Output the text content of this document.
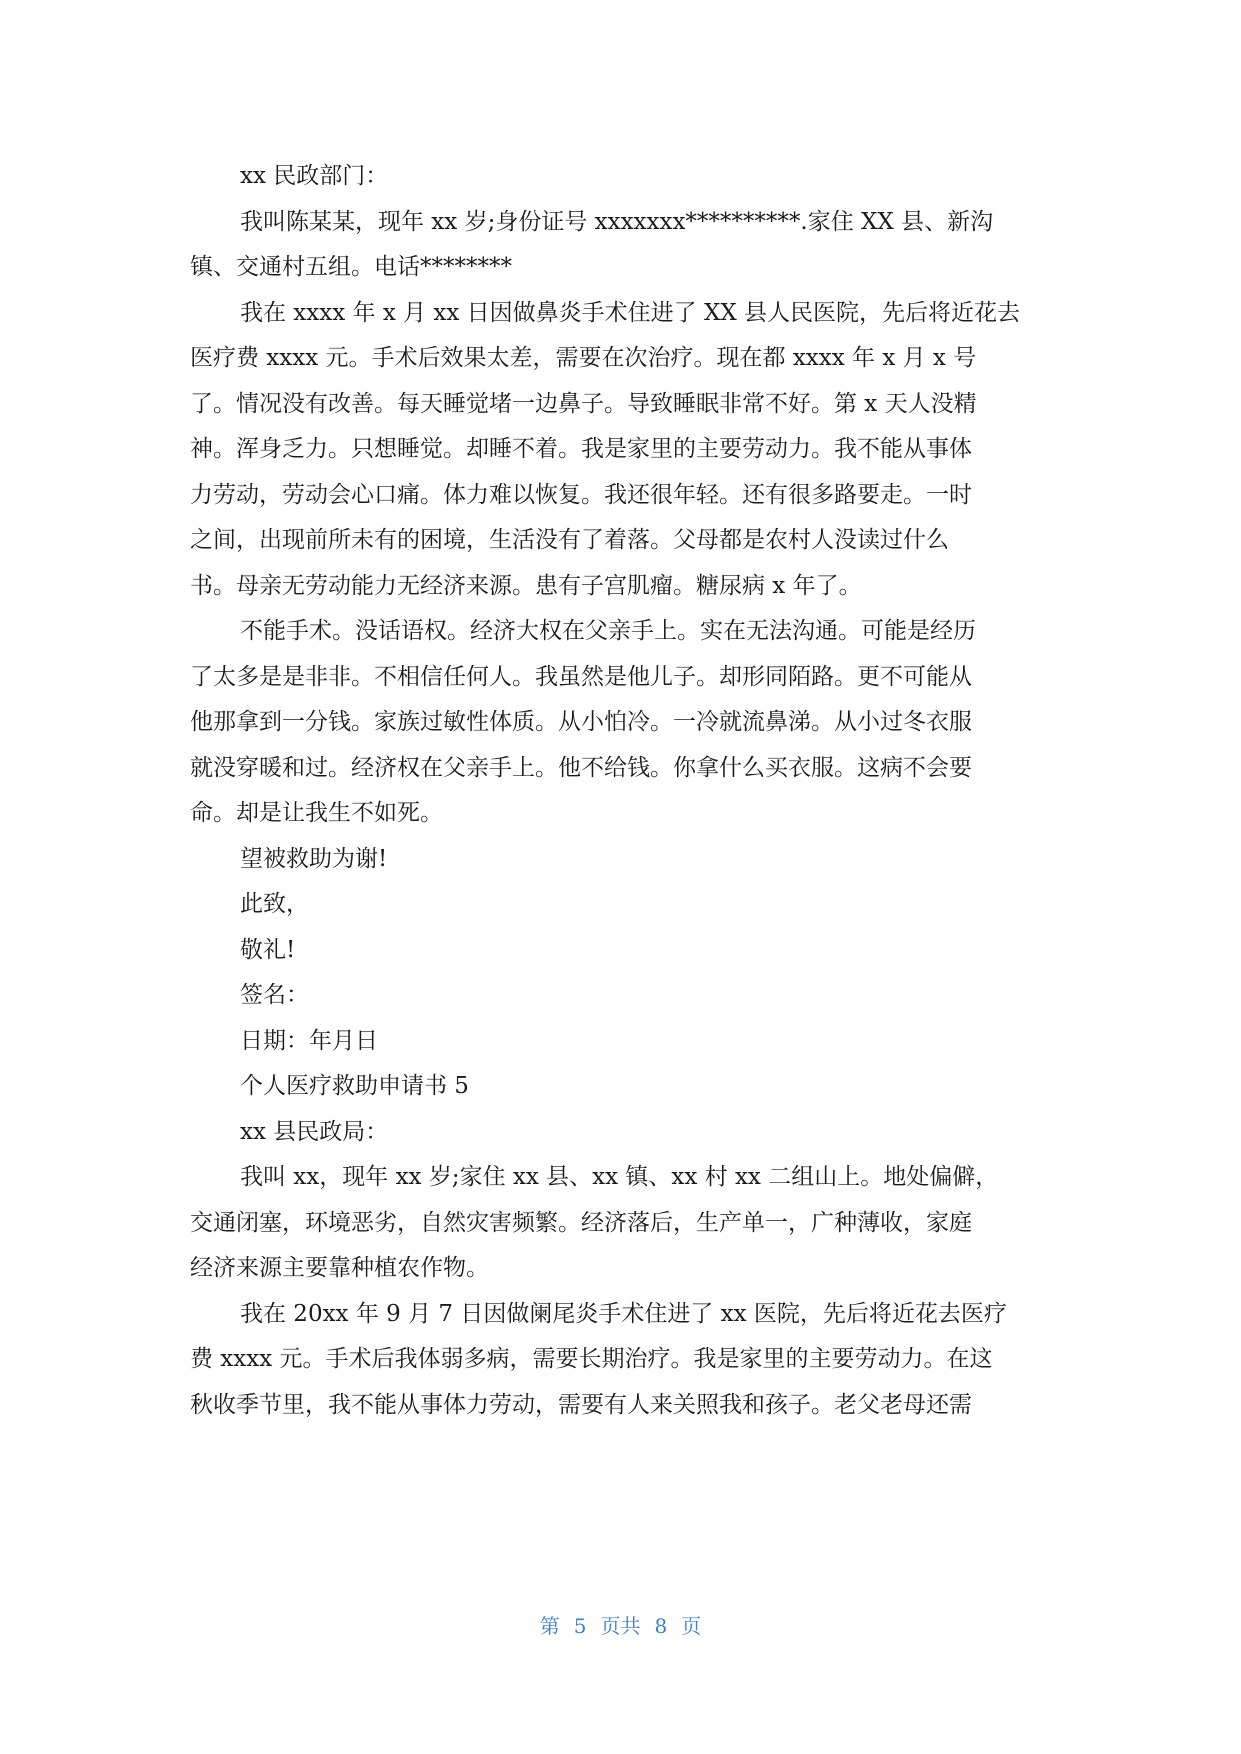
xx 民政部门：
我叫陈某某，现年 xx 岁;身份证号 xxxxxxx**********.家住 XX 县、新沟
镇、交通村五组。电话********
我在 xxxx 年 x 月 xx 日因做鼻炎手术住进了 XX 县人民医院，先后将近花去
医疗费 xxxx 元。手术后效果太差，需要在次治疗。现在都 xxxx 年 x 月 x 号
了。情况没有改善。每天睡觉堵一边鼻子。导致睡眠非常不好。第 x 天人没精
神。浑身乏力。只想睡觉。却睡不着。我是家里的主要劳动力。我不能从事体
力劳动，劳动会心口痛。体力难以恢复。我还很年轻。还有很多路要走。一时
之间，出现前所未有的困境，生活没有了着落。父母都是农村人没读过什么
书。母亲无劳动能力无经济来源。患有子宫肌瘤。糖尿病 x 年了。
不能手术。没话语权。经济大权在父亲手上。实在无法沟通。可能是经历
了太多是是非非。不相信任何人。我虽然是他儿子。却形同陌路。更不可能从
他那拿到一分钱。家族过敏性体质。从小怕冷。一冷就流鼻涕。从小过冬衣服
就没穿暖和过。经济权在父亲手上。他不给钱。你拿什么买衣服。这病不会要
命。却是让我生不如死。
望被救助为谢!
此致，
敬礼!
签名：
日期：年月日
个人医疗救助申请书 5
xx 县民政局：
我叫 xx，现年 xx 岁;家住 xx 县、xx 镇、xx 村 xx 二组山上。地处偏僻，
交通闭塞，环境恶劣，自然灾害频繁。经济落后，生产单一，广种薄收，家庭
经济来源主要靠种植农作物。
我在 20xx 年 9 月 7 日因做阑尾炎手术住进了 xx 医院，先后将近花去医疗
费 xxxx 元。手术后我体弱多病，需要长期治疗。我是家里的主要劳动力。在这
秋收季节里，我不能从事体力劳动，需要有人来关照我和孩子。老父老母还需
第 5 页共 8 页
